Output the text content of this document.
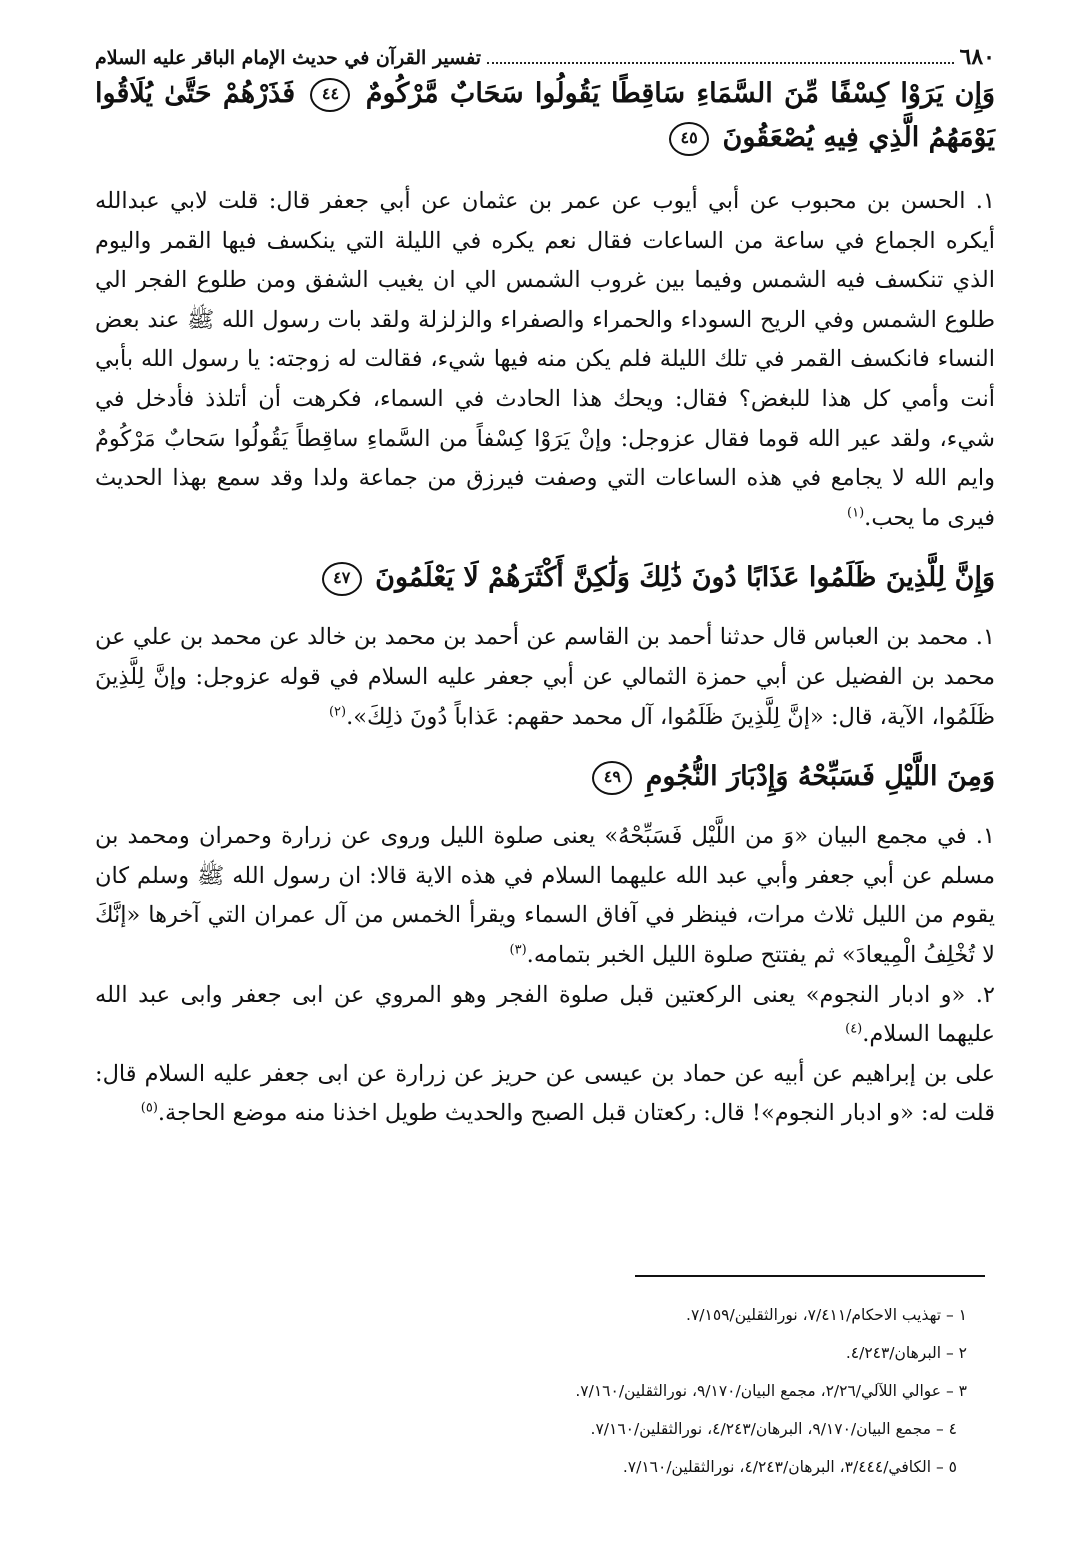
٦٨٠
تفسير القرآن في حديث الإمام الباقر عليه السلام
وَإِن يَرَوْا كِسْفًا مِّنَ السَّمَاءِ سَاقِطًا يَقُولُوا سَحَابٌ مَّرْكُومٌ ٤٤ فَذَرْهُمْ حَتَّىٰ يُلَاقُوا يَوْمَهُمُ الَّذِي فِيهِ يُصْعَقُونَ ٤٥

١. الحسن بن محبوب عن أبي أيوب عن عمر بن عثمان عن أبي جعفر قال: قلت لابي عبدالله أيكره الجماع في ساعة من الساعات فقال نعم يكره في الليلة التي ينكسف فيها القمر واليوم الذي تنكسف فيه الشمس وفيما بين غروب الشمس الي ان يغيب الشفق ومن طلوع الفجر الي طلوع الشمس وفي الريح السوداء والحمراء والصفراء والزلزلة ولقد بات رسول الله ﷺ عند بعض النساء فانكسف القمر في تلك الليلة فلم يكن منه فيها شيء، فقالت له زوجته: يا رسول الله بأبي أنت وأمي كل هذا للبغض؟ فقال: ويحك هذا الحادث في السماء، فكرهت أن أتلذذ فأدخل في شيء، ولقد عير الله قوما فقال عزوجل: وإنْ يَرَوْا كِسْفاً من السَّماءِ ساقِطاً يَقُولُوا سَحابٌ مَرْكُومٌ وايم الله لا يجامع في هذه الساعات التي وصفت فيرزق من جماعة ولدا وقد سمع بهذا الحديث فيرى ما يحب.$^{(١)}$

وَإِنَّ لِلَّذِينَ ظَلَمُوا عَذَابًا دُونَ ذَٰلِكَ وَلَٰكِنَّ أَكْثَرَهُمْ لَا يَعْلَمُونَ ٤٧

١. محمد بن العباس قال حدثنا أحمد بن القاسم عن أحمد بن محمد بن خالد عن محمد بن علي عن محمد بن الفضيل عن أبي حمزة الثمالي عن أبي جعفر عليه السلام في قوله عزوجل: وإنَّ لِلَّذِينَ ظَلَمُوا، الآية، قال: «إنَّ لِلَّذِينَ ظَلَمُوا، آل محمد حقهم: عَذاباً دُونَ ذلِكَ».$^{(٢)}$

وَمِنَ اللَّيْلِ فَسَبِّحْهُ وَإِدْبَارَ النُّجُومِ ٤٩

١. في مجمع البيان «وَ من اللَّيْل فَسَبِّحْهُ» يعنى صلوة الليل وروى عن زرارة وحمران ومحمد بن مسلم عن أبي جعفر وأبي عبد الله عليهما السلام في هذه الاية قالا: ان رسول الله ﷺ وسلم كان يقوم من الليل ثلاث مرات، فينظر في آفاق السماء ويقرأ الخمس من آل عمران التي آخرها «إنَّكَ لا تُخْلِفُ الْمِيعادَ» ثم يفتتح صلوة الليل الخبر بتمامه.$^{(٣)}$

٢. «و ادبار النجوم» يعنى الركعتين قبل صلوة الفجر وهو المروي عن ابى جعفر وابى عبد الله عليهما السلام.$^{(٤)}$

على بن إبراهيم عن أبيه عن حماد بن عيسى عن حريز عن زرارة عن ابى جعفر عليه السلام قال: قلت له: «و ادبار النجوم»! قال: ركعتان قبل الصبح والحديث طويل اخذنا منه موضع الحاجة.$^{(٥)}$

١ – تهذيب الاحكام/٧/٤١١، نورالثقلين/٧/١٥٩.
٢ – البرهان/٤/٢٤٣.
٣ – عوالي اللآلي/٢/٢٦، مجمع البيان/٩/١٧٠، نورالثقلين/٧/١٦٠.
٤ – مجمع البيان/٩/١٧٠، البرهان/٤/٢٤٣، نورالثقلين/٧/١٦٠.
٥ – الكافي/٣/٤٤٤، البرهان/٤/٢٤٣، نورالثقلين/٧/١٦٠.
